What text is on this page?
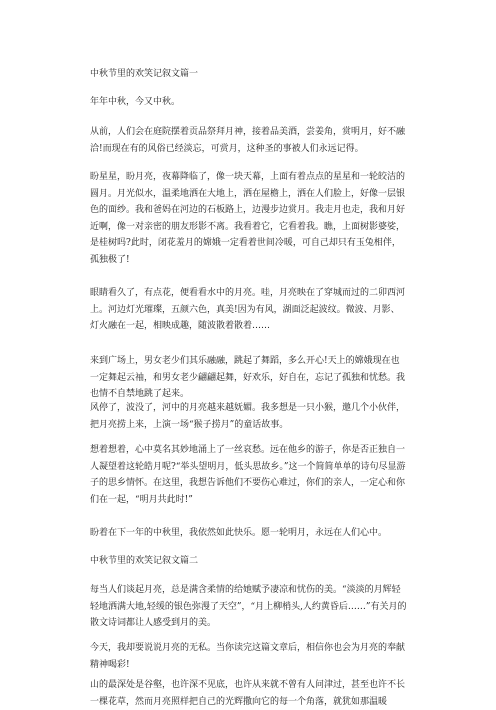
中秋节里的欢笑记叙文篇一

年年中秋，今又中秋。

从前，人们会在庭院摆着贡品祭拜月神，接着品美酒，尝姜角，赏明月，好不融洽!而现在有的风俗已经淡忘，可赏月，这种圣的事被人们永远记得。

盼星星，盼月亮，夜幕降临了，像一块天幕，上面有着点点的星星和一轮皎洁的圆月。月光似水，温柔地洒在大地上，洒在屋檐上，洒在人们脸上，好像一层银色的面纱。我和爸妈在河边的石板路上，边漫步边赏月。我走月也走，我和月好近啊，像一对亲密的朋友形影不离。我看着它，它看着我。瞧，上面树影婆娑，是桂树吗?此时，闭花羞月的嫦娥一定看着世间冷暖，可自己却只有玉兔相伴，孤独极了!

眼睛看久了，有点花，便看看水中的月亮。哇，月亮映在了穿城而过的二卯西河上。河边灯光璀璨，五颜六色，真美!因为有风，湖面泛起波纹。微波、月影、灯火融在一起，相映成趣，随波散着散着……

来到广场上，男女老少们其乐融融，跳起了舞蹈，多么开心!天上的嫦娥现在也一定舞起云袖，和男女老少翩翩起舞，好欢乐，好自在，忘记了孤独和忧愁。我也情不自禁地跳了起来。

风停了，波没了，河中的月亮越来越妩媚。我多想是一只小猴，邀几个小伙伴，把月亮捞上来，上演一场“猴子捞月”的童话故事。

想着想着，心中莫名其妙地涌上了一丝哀愁。远在他乡的游子，你是否正独自一人凝望着这轮皓月呢?“举头望明月，低头思故乡。”这一个简简单单的诗句尽显游子的思乡情怀。在这里，我想告诉他们不要伤心难过，你们的亲人，一定心和你们在一起，“明月共此时!”

盼着在下一年的中秋里，我依然如此快乐。愿一轮明月，永远在人们心中。

中秋节里的欢笑记叙文篇二

每当人们谈起月亮，总是满含柔情的给她赋予凄凉和忧伤的美。“淡淡的月辉轻轻地洒满大地,轻缓的银色弥漫了天空”，“月上柳梢头,人约黄昏后……”有关月的散文诗词都让人感受到月的美。

今天，我却要说说月亮的无私。当你读完这篇文章后，相信你也会为月亮的奉献精神喝彩!

山的最深处是谷壑，也许深不见底，也许从来就不曾有人问津过，甚至也许不长一棵花草，然而月亮照样把自己的光辉撒向它的每一个角落，就犹如那温暖
